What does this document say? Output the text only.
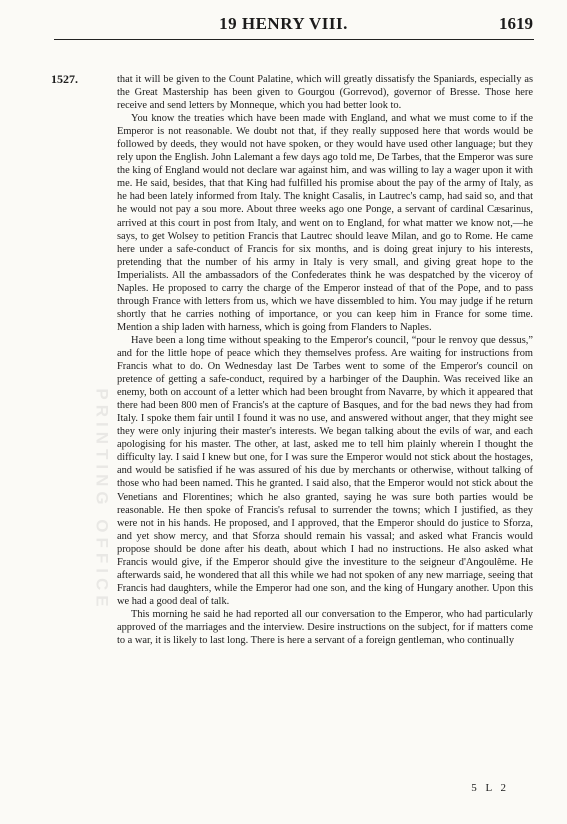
19 HENRY VIII.	1619
1527.
PRINTING OFFICE

that it will be given to the Count Palatine, which will greatly dissatisfy the Spaniards, especially as the Great Mastership has been given to Gourgou (Gorrevod), governor of Bresse. Those here receive and send letters by Monneque, which you had better look to.

You know the treaties which have been made with England, and what we must come to if the Emperor is not reasonable. We doubt not that, if they really supposed here that words would be followed by deeds, they would not have spoken, or they would have used other language; but they rely upon the English. John Lalemant a few days ago told me, De Tarbes, that the Emperor was sure the king of England would not declare war against him, and was willing to lay a wager upon it with me. He said, besides, that that King had fulfilled his promise about the pay of the army of Italy, as he had been lately informed from Italy. The knight Casalis, in Lautrec's camp, had said so, and that he would not pay a sou more. About three weeks ago one Ponge, a servant of cardinal Cæsarinus, arrived at this court in post from Italy, and went on to England, for what matter we know not,—he says, to get Wolsey to petition Francis that Lautrec should leave Milan, and go to Rome. He came here under a safe-conduct of Francis for six months, and is doing great injury to his interests, pretending that the number of his army in Italy is very small, and giving great hope to the Imperialists. All the ambassadors of the Confederates think he was despatched by the viceroy of Naples. He proposed to carry the charge of the Emperor instead of that of the Pope, and to pass through France with letters from us, which we have dissembled to him. You may judge if he return shortly that he carries nothing of importance, or you can keep him in France for some time. Mention a ship laden with harness, which is going from Flanders to Naples.

Have been a long time without speaking to the Emperor's council, “pour le renvoy que dessus,” and for the little hope of peace which they themselves profess. Are waiting for instructions from Francis what to do. On Wednesday last De Tarbes went to some of the Emperor's council on pretence of getting a safe-conduct, required by a harbinger of the Dauphin. Was received like an enemy, both on account of a letter which had been brought from Navarre, by which it appeared that there had been 800 men of Francis's at the capture of Basques, and for the bad news they had from Italy. I spoke them fair until I found it was no use, and answered without anger, that they might see they were only injuring their master's interests. We began talking about the evils of war, and each apologising for his master. The other, at last, asked me to tell him plainly wherein I thought the difficulty lay. I said I knew but one, for I was sure the Emperor would not stick about the hostages, and would be satisfied if he was assured of his due by merchants or otherwise, without talking of those who had been named. This he granted. I said also, that the Emperor would not stick about the Venetians and Florentines; which he also granted, saying he was sure both parties would be reasonable. He then spoke of Francis's refusal to surrender the towns; which I justified, as they were not in his hands. He proposed, and I approved, that the Emperor should do justice to Sforza, and yet show mercy, and that Sforza should remain his vassal; and asked what Francis would propose should be done after his death, about which I had no instructions. He also asked what Francis would give, if the Emperor should give the investiture to the seigneur d'Angoulême. He afterwards said, he wondered that all this while we had not spoken of any new marriage, seeing that Francis had daughters, while the Emperor had one son, and the king of Hungary another. Upon this we had a good deal of talk.

This morning he said he had reported all our conversation to the Emperor, who had particularly approved of the marriages and the interview. Desire instructions on the subject, for if matters come to a war, it is likely to last long. There is here a servant of a foreign gentleman, who continually

5 L 2
